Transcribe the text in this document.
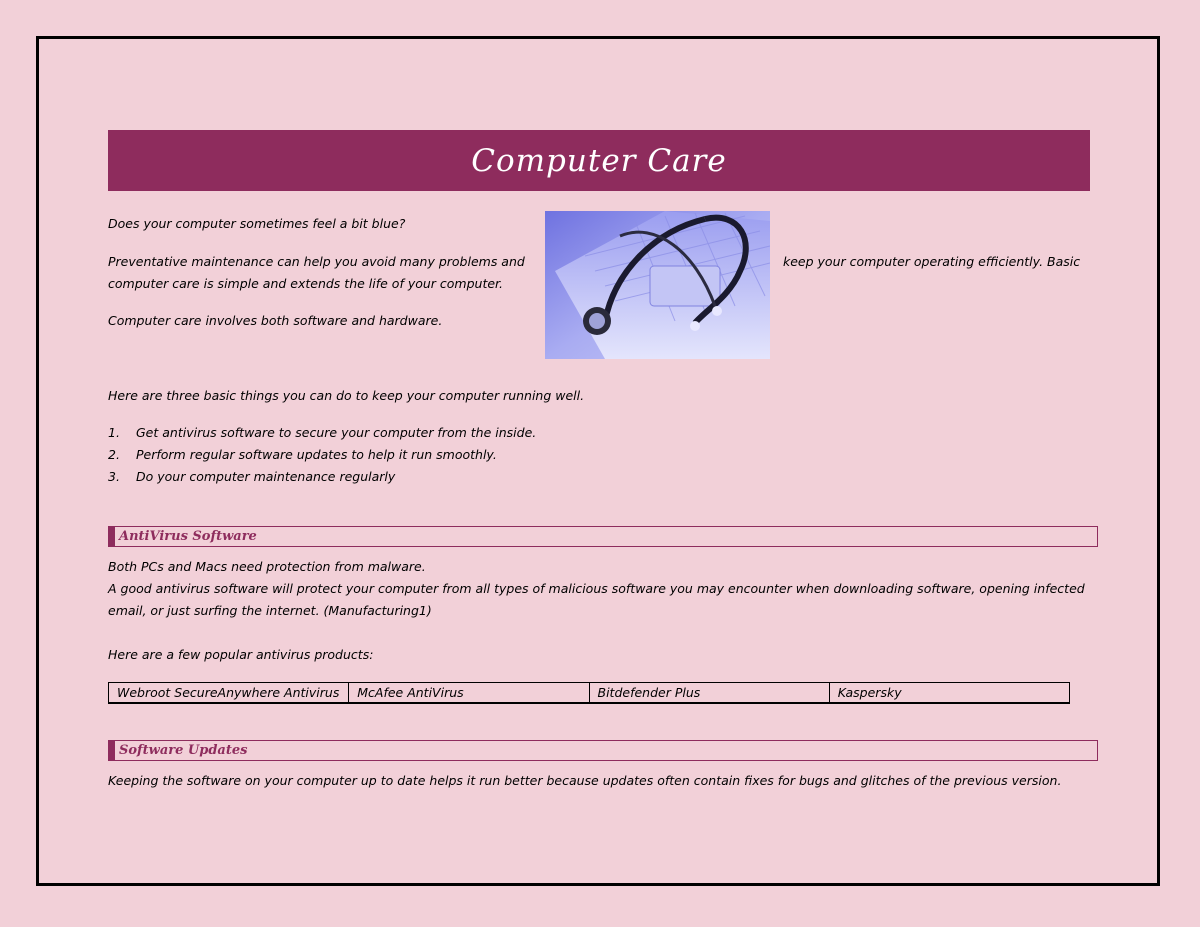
Computer Care
Does your computer sometimes feel a bit blue?
Preventative maintenance can help you avoid many problems and	keep your computer operating efficiently. Basic
computer care is simple and extends the life of your computer.
Computer care involves both software and hardware.
Here are three basic things you can do to keep your computer running well.
1. Get antivirus software to secure your computer from the inside.
2. Perform regular software updates to help it run smoothly.
3. Do your computer maintenance regularly
AntiVirus Software
Both PCs and Macs need protection from malware.
A good antivirus software will protect your computer from all types of malicious software you may encounter when downloading software, opening infected
email, or just surfing the internet. (Manufacturing1)
Here are a few popular antivirus products:
Webroot SecureAnywhere Antivirus	McAfee AntiVirus	Bitdefender Plus	Kaspersky
Software Updates
Keeping the software on your computer up to date helps it run better because updates often contain fixes for bugs and glitches of the previous version.
